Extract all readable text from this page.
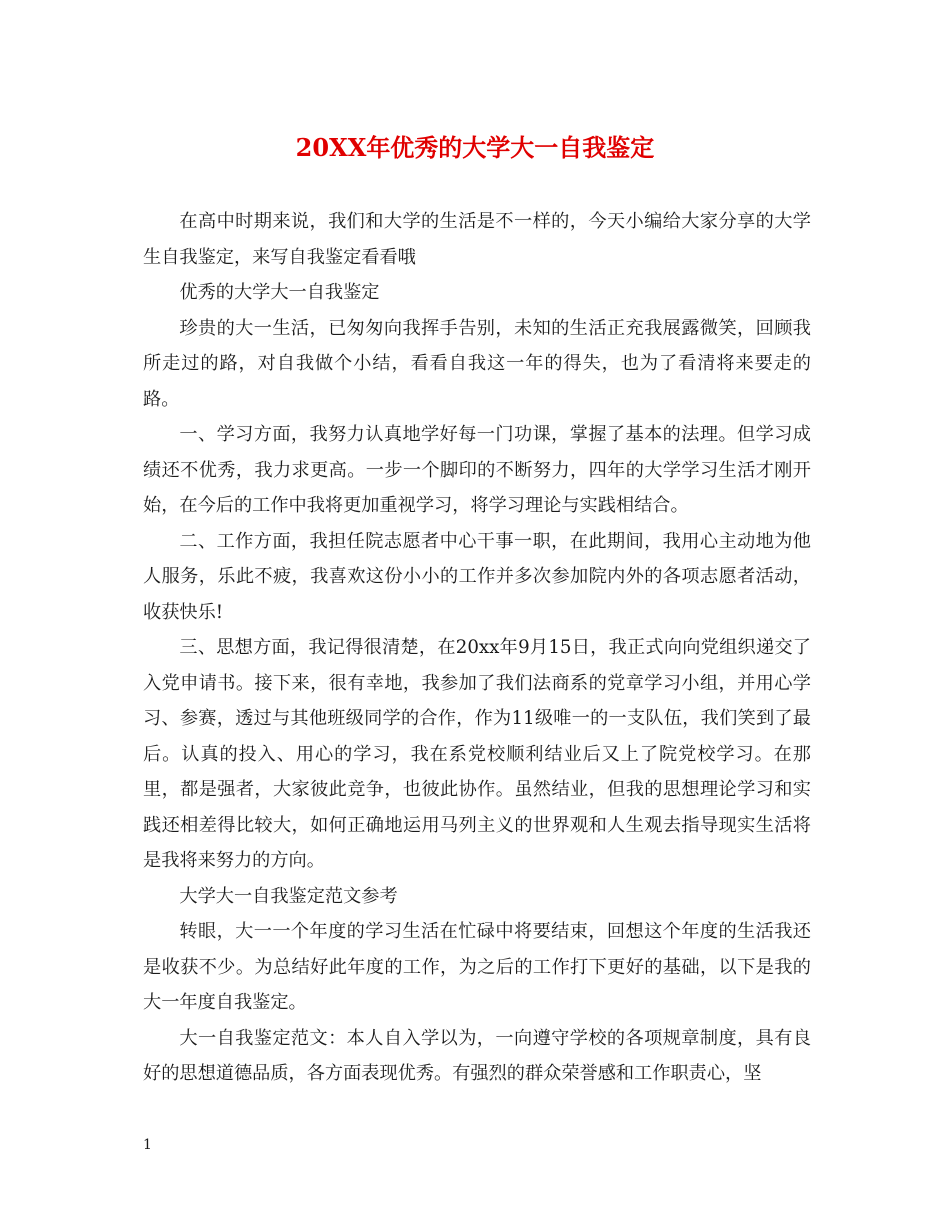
20XX年优秀的大学大一自我鉴定

在高中时期来说，我们和大学的生活是不一样的，今天小编给大家分享的大学生自我鉴定，来写自我鉴定看看哦

优秀的大学大一自我鉴定

珍贵的大一生活，已匆匆向我挥手告别，未知的生活正充我展露微笑，回顾我所走过的路，对自我做个小结，看看自我这一年的得失，也为了看清将来要走的路。

一、学习方面，我努力认真地学好每一门功课，掌握了基本的法理。但学习成绩还不优秀，我力求更高。一步一个脚印的不断努力，四年的大学学习生活才刚开始，在今后的工作中我将更加重视学习，将学习理论与实践相结合。

二、工作方面，我担任院志愿者中心干事一职，在此期间，我用心主动地为他人服务，乐此不疲，我喜欢这份小小的工作并多次参加院内外的各项志愿者活动，收获快乐!

三、思想方面，我记得很清楚，在20xx年9月15日，我正式向向党组织递交了入党申请书。接下来，很有幸地，我参加了我们法商系的党章学习小组，并用心学习、参赛，透过与其他班级同学的合作，作为11级唯一的一支队伍，我们笑到了最后。认真的投入、用心的学习，我在系党校顺利结业后又上了院党校学习。在那里，都是强者，大家彼此竞争，也彼此协作。虽然结业，但我的思想理论学习和实践还相差得比较大，如何正确地运用马列主义的世界观和人生观去指导现实生活将是我将来努力的方向。

大学大一自我鉴定范文参考

转眼，大一一个年度的学习生活在忙碌中将要结束，回想这个年度的生活我还是收获不少。为总结好此年度的工作，为之后的工作打下更好的基础，以下是我的大一年度自我鉴定。

大一自我鉴定范文：本人自入学以为，一向遵守学校的各项规章制度，具有良好的思想道德品质，各方面表现优秀。有强烈的群众荣誉感和工作职责心，坚

1
